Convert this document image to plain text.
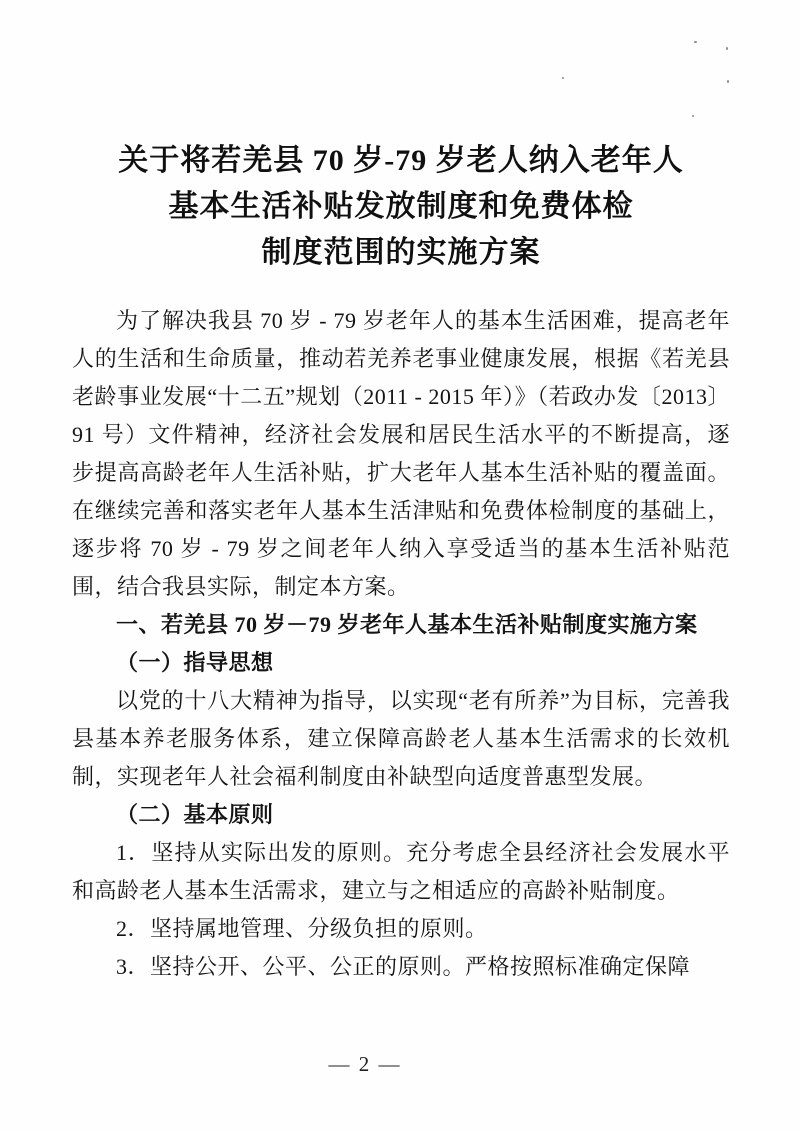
关于将若羌县 70 岁-79 岁老人纳入老年人
基本生活补贴发放制度和免费体检
制度范围的实施方案

为了解决我县 70 岁 - 79 岁老年人的基本生活困难，提高老年人的生活和生命质量，推动若羌养老事业健康发展，根据《若羌县老龄事业发展“十二五”规划（2011 - 2015 年）》（若政办发〔2013〕91 号）文件精神，经济社会发展和居民生活水平的不断提高，逐步提高高龄老年人生活补贴，扩大老年人基本生活补贴的覆盖面。在继续完善和落实老年人基本生活津贴和免费体检制度的基础上，逐步将 70 岁 - 79 岁之间老年人纳入享受适当的基本生活补贴范围，结合我县实际，制定本方案。

一、若羌县 70 岁－79 岁老年人基本生活补贴制度实施方案

（一）指导思想

以党的十八大精神为指导，以实现“老有所养”为目标，完善我县基本养老服务体系，建立保障高龄老人基本生活需求的长效机制，实现老年人社会福利制度由补缺型向适度普惠型发展。

（二）基本原则

1．坚持从实际出发的原则。充分考虑全县经济社会发展水平和高龄老人基本生活需求，建立与之相适应的高龄补贴制度。

2．坚持属地管理、分级负担的原则。

3．坚持公开、公平、公正的原则。严格按照标准确定保障

— 2 —
